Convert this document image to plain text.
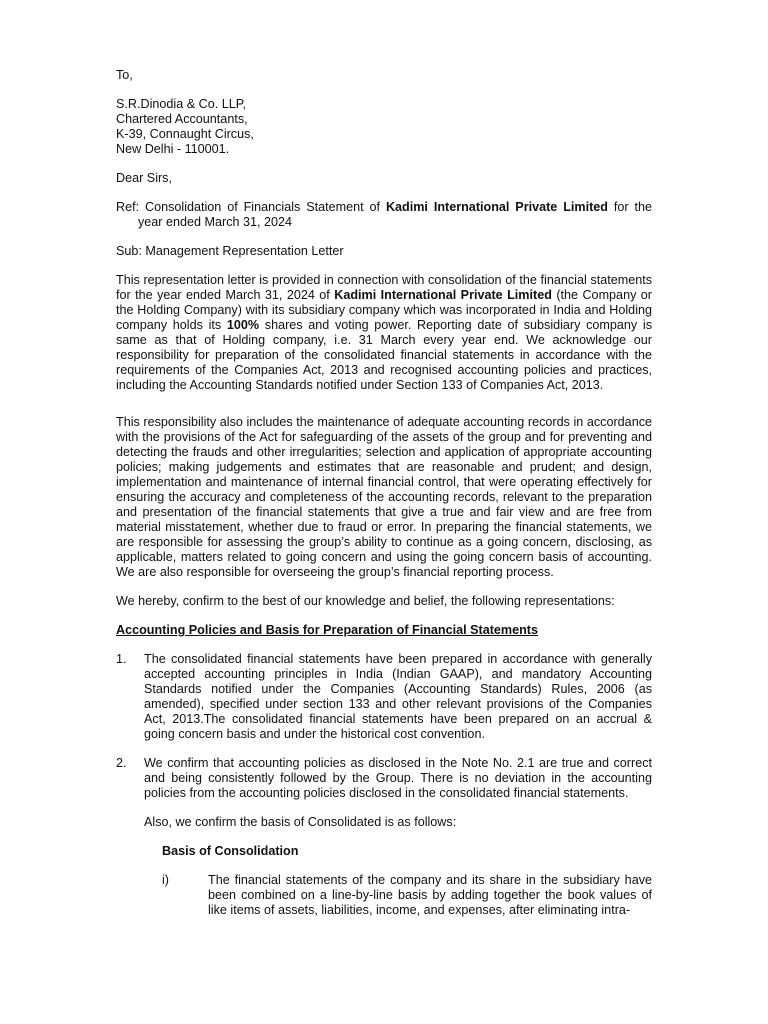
To,

S.R.Dinodia & Co. LLP,
Chartered Accountants,
K-39, Connaught Circus,
New Delhi - 110001.

Dear Sirs,

Ref: Consolidation of Financials Statement of Kadimi International Private Limited for the year ended March 31, 2024

Sub: Management Representation Letter

This representation letter is provided in connection with consolidation of the financial statements for the year ended March 31, 2024 of Kadimi International Private Limited (the Company or the Holding Company) with its subsidiary company which was incorporated in India and Holding company holds its 100% shares and voting power. Reporting date of subsidiary company is same as that of Holding company, i.e. 31 March every year end. We acknowledge our responsibility for preparation of the consolidated financial statements in accordance with the requirements of the Companies Act, 2013 and recognised accounting policies and practices, including the Accounting Standards notified under Section 133 of Companies Act, 2013.

This responsibility also includes the maintenance of adequate accounting records in accordance with the provisions of the Act for safeguarding of the assets of the group and for preventing and detecting the frauds and other irregularities; selection and application of appropriate accounting policies; making judgements and estimates that are reasonable and prudent; and design, implementation and maintenance of internal financial control, that were operating effectively for ensuring the accuracy and completeness of the accounting records, relevant to the preparation and presentation of the financial statements that give a true and fair view and are free from material misstatement, whether due to fraud or error. In preparing the financial statements, we are responsible for assessing the group’s ability to continue as a going concern, disclosing, as applicable, matters related to going concern and using the going concern basis of accounting. We are also responsible for overseeing the group’s financial reporting process.

We hereby, confirm to the best of our knowledge and belief, the following representations:

Accounting Policies and Basis for Preparation of Financial Statements

1.	The consolidated financial statements have been prepared in accordance with generally accepted accounting principles in India (Indian GAAP), and mandatory Accounting Standards notified under the Companies (Accounting Standards) Rules, 2006 (as amended), specified under section 133 and other relevant provisions of the Companies Act, 2013.The consolidated financial statements have been prepared on an accrual & going concern basis and under the historical cost convention.
2.	We confirm that accounting policies as disclosed in the Note No. 2.1 are true and correct and being consistently followed by the Group. There is no deviation in the accounting policies from the accounting policies disclosed in the consolidated financial statements.

Also, we confirm the basis of Consolidated is as follows:

Basis of Consolidation

i)	The financial statements of the company and its share in the subsidiary have been combined on a line-by-line basis by adding together the book values of like items of assets, liabilities, income, and expenses, after eliminating intra-
